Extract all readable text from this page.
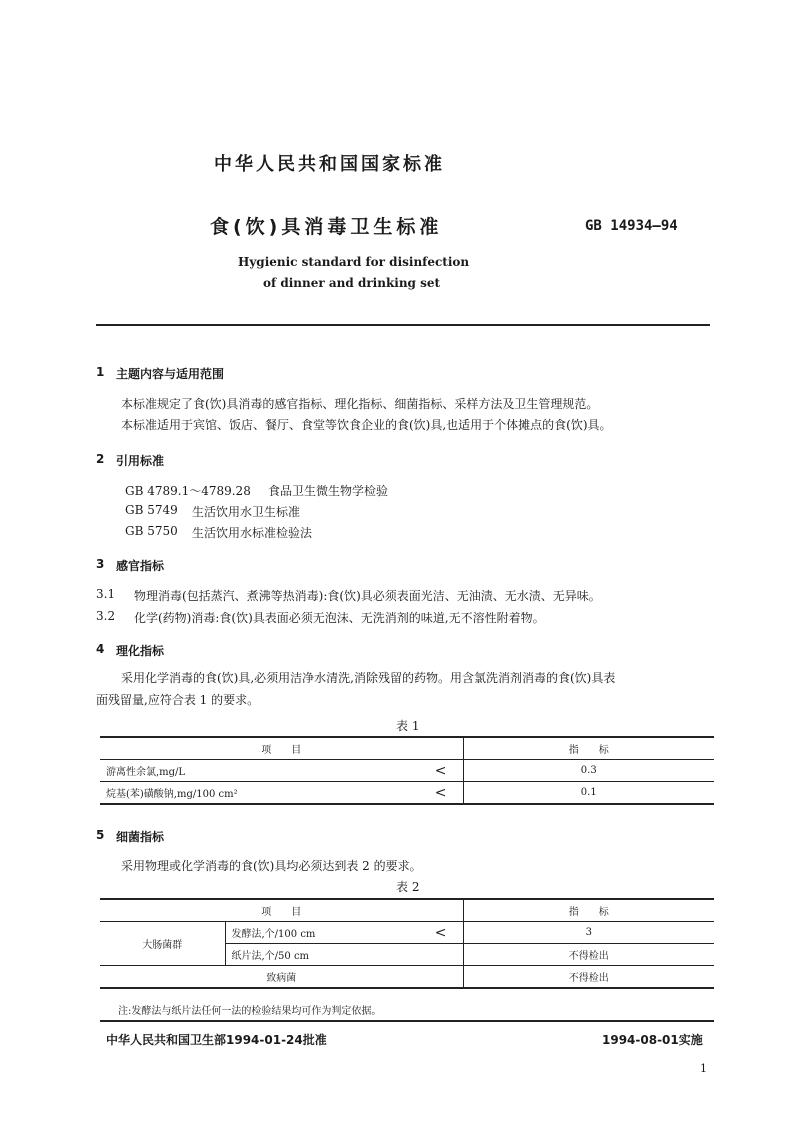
中华人民共和国国家标准
食(饮)具消毒卫生标准	GB 14934—94
Hygienic standard for disinfection
of dinner and drinking set
1 主题内容与适用范围
本标准规定了食(饮)具消毒的感官指标、理化指标、细菌指标、采样方法及卫生管理规范。
本标准适用于宾馆、饭店、餐厅、食堂等饮食企业的食(饮)具,也适用于个体摊点的食(饮)具。
2 引用标准
GB 4789.1～4789.28 食品卫生微生物学检验
GB 5749 生活饮用水卫生标准
GB 5750 生活饮用水标准检验法
3 感官指标
3.1 物理消毒(包括蒸汽、煮沸等热消毒):食(饮)具必须表面光洁、无油渍、无水渍、无异味。
3.2 化学(药物)消毒:食(饮)具表面必须无泡沫、无洗消剂的味道,无不溶性附着物。
4 理化指标
采用化学消毒的食(饮)具,必须用洁净水清洗,消除残留的药物。用含氯洗消剂消毒的食(饮)具表
面残留量,应符合表 1 的要求。
表 1
项　　目	指　　标
游离性余氯,mg/L <	0.3
烷基(苯)磺酸钠,mg/100 cm² <	0.1
5 细菌指标
采用物理或化学消毒的食(饮)具均必须达到表 2 的要求。
表 2
项　　目		指　　标
大肠菌群	发酵法,个/100 cm <	3
	纸片法,个/50 cm	不得检出
致病菌		不得检出
注:发酵法与纸片法任何一法的检验结果均可作为判定依据。
中华人民共和国卫生部1994-01-24批准	1994-08-01实施
1
